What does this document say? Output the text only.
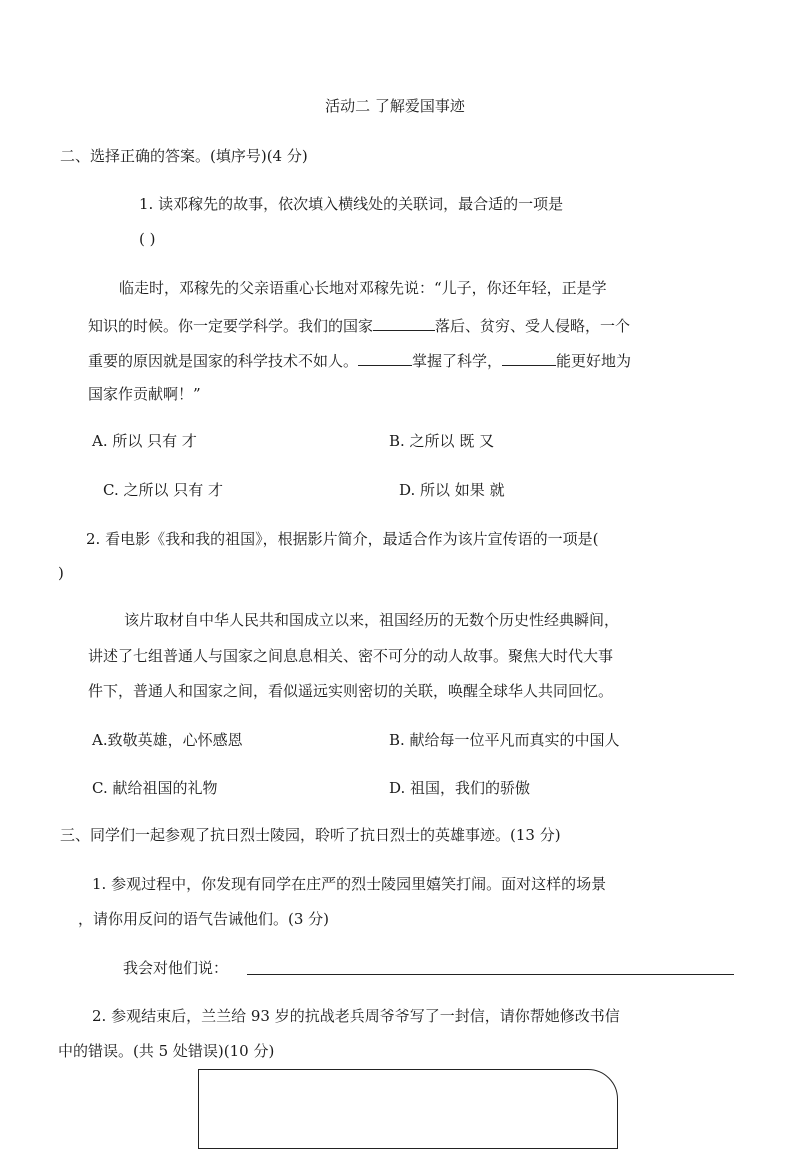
活动二 了解爱国事迹
二、选择正确的答案。(填序号)(4 分)
1. 读邓稼先的故事，依次填入横线处的关联词，最合适的一项是
( )
临走时，邓稼先的父亲语重心长地对邓稼先说：“儿子，你还年轻，正是学
知识的时候。你一定要学科学。我们的国家	落后、贫穷、受人侵略，一个
重要的原因就是国家的科学技术不如人。	掌握了科学，	能更好地为
国家作贡献啊！”
A. 所以 只有 才	B. 之所以 既 又
C. 之所以 只有 才	D. 所以 如果 就
2. 看电影《我和我的祖国》，根据影片简介，最适合作为该片宣传语的一项是(
)
该片取材自中华人民共和国成立以来，祖国经历的无数个历史性经典瞬间，
讲述了七组普通人与国家之间息息相关、密不可分的动人故事。聚焦大时代大事
件下，普通人和国家之间，看似遥远实则密切的关联，唤醒全球华人共同回忆。
A.致敬英雄，心怀感恩	B. 献给每一位平凡而真实的中国人
C. 献给祖国的礼物	D. 祖国，我们的骄傲
三、同学们一起参观了抗日烈士陵园，聆听了抗日烈士的英雄事迹。(13 分)
1. 参观过程中，你发现有同学在庄严的烈士陵园里嬉笑打闹。面对这样的场景
，请你用反问的语气告诫他们。(3 分)
我会对他们说：
2. 参观结束后，兰兰给 93 岁的抗战老兵周爷爷写了一封信，请你帮她修改书信
中的错误。(共 5 处错误)(10 分)
